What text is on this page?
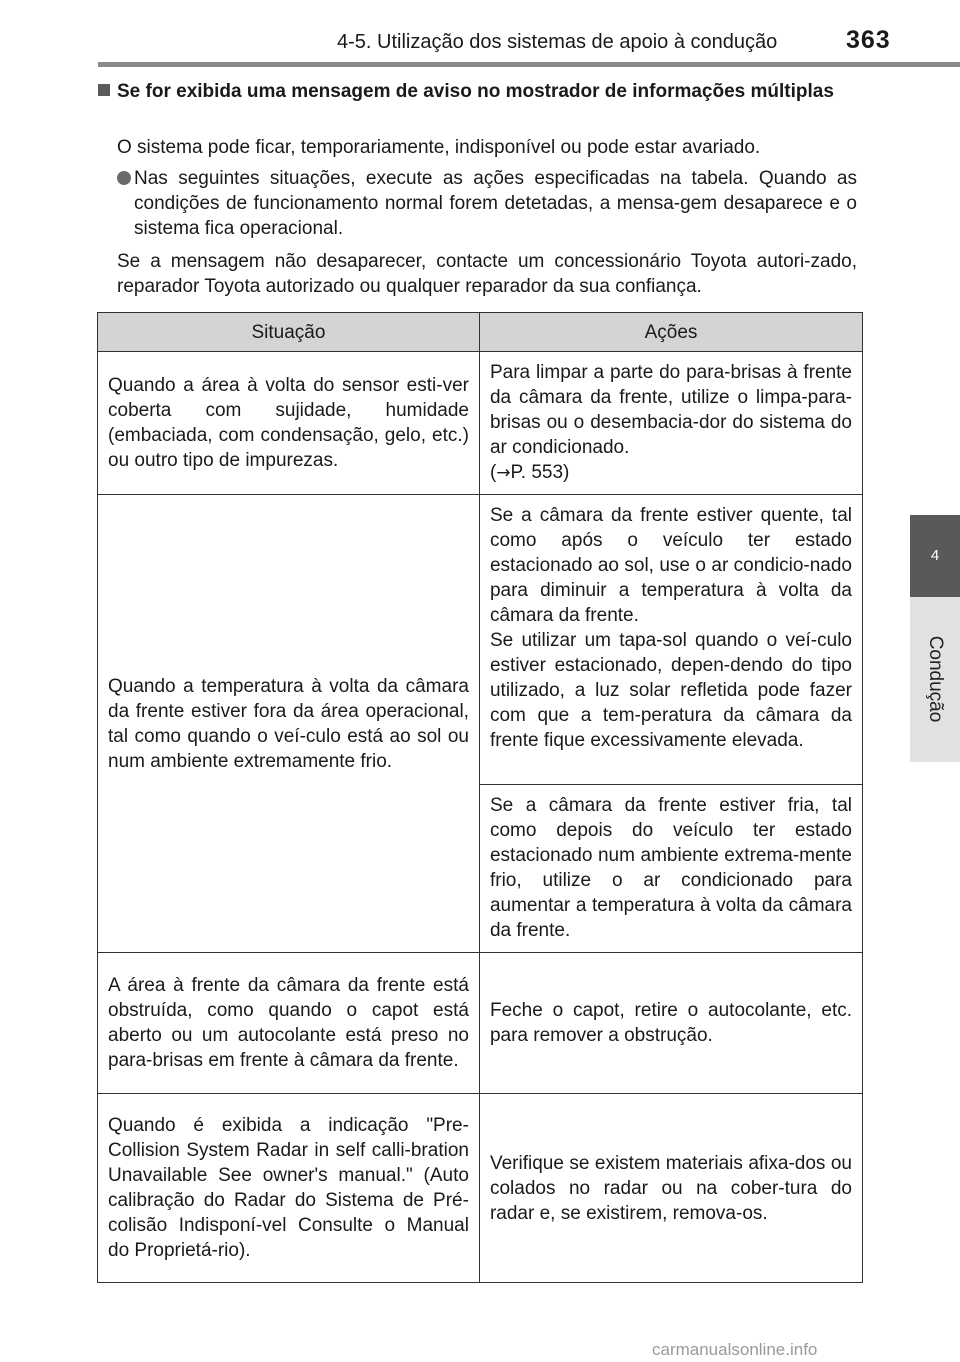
4-5. Utilização dos sistemas de apoio à condução	363
4
Condução
Se for exibida uma mensagem de aviso no mostrador de informações múltiplas
O sistema pode ficar, temporariamente, indisponível ou pode estar avariado.
Nas seguintes situações, execute as ações especificadas na tabela. Quando as condições de funcionamento normal forem detetadas, a mensa-gem desaparece e o sistema fica operacional.
Se a mensagem não desaparecer, contacte um concessionário Toyota autori-zado, reparador Toyota autorizado ou qualquer reparador da sua confiança.
Situação	Ações
Quando a área à volta do sensor esti-ver coberta com sujidade, humidade (embaciada, com condensação, gelo, etc.) ou outro tipo de impurezas.	Para limpar a parte do para-brisas à frente da câmara da frente, utilize o limpa-para-brisas ou o desembacia-dor do sistema do ar condicionado.
(→P. 553)
Quando a temperatura à volta da câmara da frente estiver fora da área operacional, tal como quando o veí-culo está ao sol ou num ambiente extremamente frio.	Se a câmara da frente estiver quente, tal como após o veículo ter estado estacionado ao sol, use o ar condicio-nado para diminuir a temperatura à volta da câmara da frente.
Se utilizar um tapa-sol quando o veí-culo estiver estacionado, depen-dendo do tipo utilizado, a luz solar refletida pode fazer com que a tem-peratura da câmara da frente fique excessivamente elevada.
	Se a câmara da frente estiver fria, tal como depois do veículo ter estado estacionado num ambiente extrema-mente frio, utilize o ar condicionado para aumentar a temperatura à volta da câmara da frente.
A área à frente da câmara da frente está obstruída, como quando o capot está aberto ou um autocolante está preso no para-brisas em frente à câmara da frente.	Feche o capot, retire o autocolante, etc. para remover a obstrução.
Quando é exibida a indicação "Pre-Collision System Radar in self calli-bration Unavailable See owner's manual." (Auto calibração do Radar do Sistema de Pré-colisão Indisponí-vel Consulte o Manual do Proprietá-rio).	Verifique se existem materiais afixa-dos ou colados no radar ou na cober-tura do radar e, se existirem, remova-os.
carmanualsonline.info
